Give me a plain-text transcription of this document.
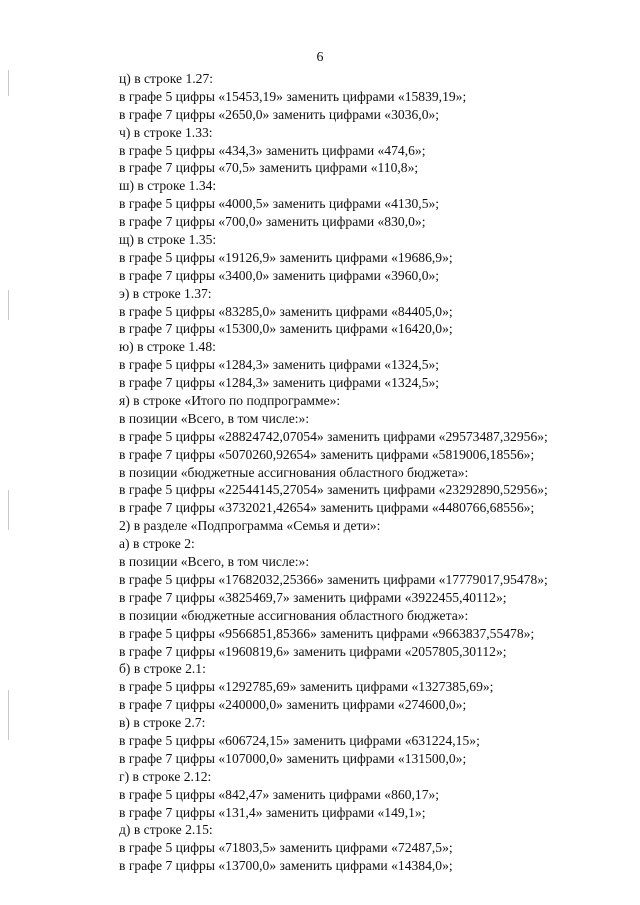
6
ц) в строке 1.27:
в графе 5 цифры «15453,19» заменить цифрами «15839,19»;
в графе 7 цифры «2650,0» заменить цифрами «3036,0»;
ч) в строке 1.33:
в графе 5 цифры «434,3» заменить цифрами «474,6»;
в графе 7 цифры «70,5» заменить цифрами «110,8»;
ш) в строке 1.34:
в графе 5 цифры «4000,5» заменить цифрами «4130,5»;
в графе 7 цифры «700,0» заменить цифрами «830,0»;
щ) в строке 1.35:
в графе 5 цифры «19126,9» заменить цифрами «19686,9»;
в графе 7 цифры «3400,0» заменить цифрами «3960,0»;
э) в строке 1.37:
в графе 5 цифры «83285,0» заменить цифрами «84405,0»;
в графе 7 цифры «15300,0» заменить цифрами «16420,0»;
ю) в строке 1.48:
в графе 5 цифры «1284,3» заменить цифрами «1324,5»;
в графе 7 цифры «1284,3» заменить цифрами «1324,5»;
я) в строке «Итого по подпрограмме»:
в позиции «Всего, в том числе:»:
в графе 5 цифры «28824742,07054» заменить цифрами «29573487,32956»;
в графе 7 цифры «5070260,92654» заменить цифрами «5819006,18556»;
в позиции «бюджетные ассигнования областного бюджета»:
в графе 5 цифры «22544145,27054» заменить цифрами «23292890,52956»;
в графе 7 цифры «3732021,42654» заменить цифрами «4480766,68556»;
2) в разделе «Подпрограмма «Семья и дети»:
а) в строке 2:
в позиции «Всего, в том числе:»:
в графе 5 цифры «17682032,25366» заменить цифрами «17779017,95478»;
в графе 7 цифры «3825469,7» заменить цифрами «3922455,40112»;
в позиции «бюджетные ассигнования областного бюджета»:
в графе 5 цифры «9566851,85366» заменить цифрами «9663837,55478»;
в графе 7 цифры «1960819,6» заменить цифрами «2057805,30112»;
б) в строке 2.1:
в графе 5 цифры «1292785,69» заменить цифрами «1327385,69»;
в графе 7 цифры «240000,0» заменить цифрами «274600,0»;
в) в строке 2.7:
в графе 5 цифры «606724,15» заменить цифрами «631224,15»;
в графе 7 цифры «107000,0» заменить цифрами «131500,0»;
г) в строке 2.12:
в графе 5 цифры «842,47» заменить цифрами «860,17»;
в графе 7 цифры «131,4» заменить цифрами «149,1»;
д) в строке 2.15:
в графе 5 цифры «71803,5» заменить цифрами «72487,5»;
в графе 7 цифры «13700,0» заменить цифрами «14384,0»;
